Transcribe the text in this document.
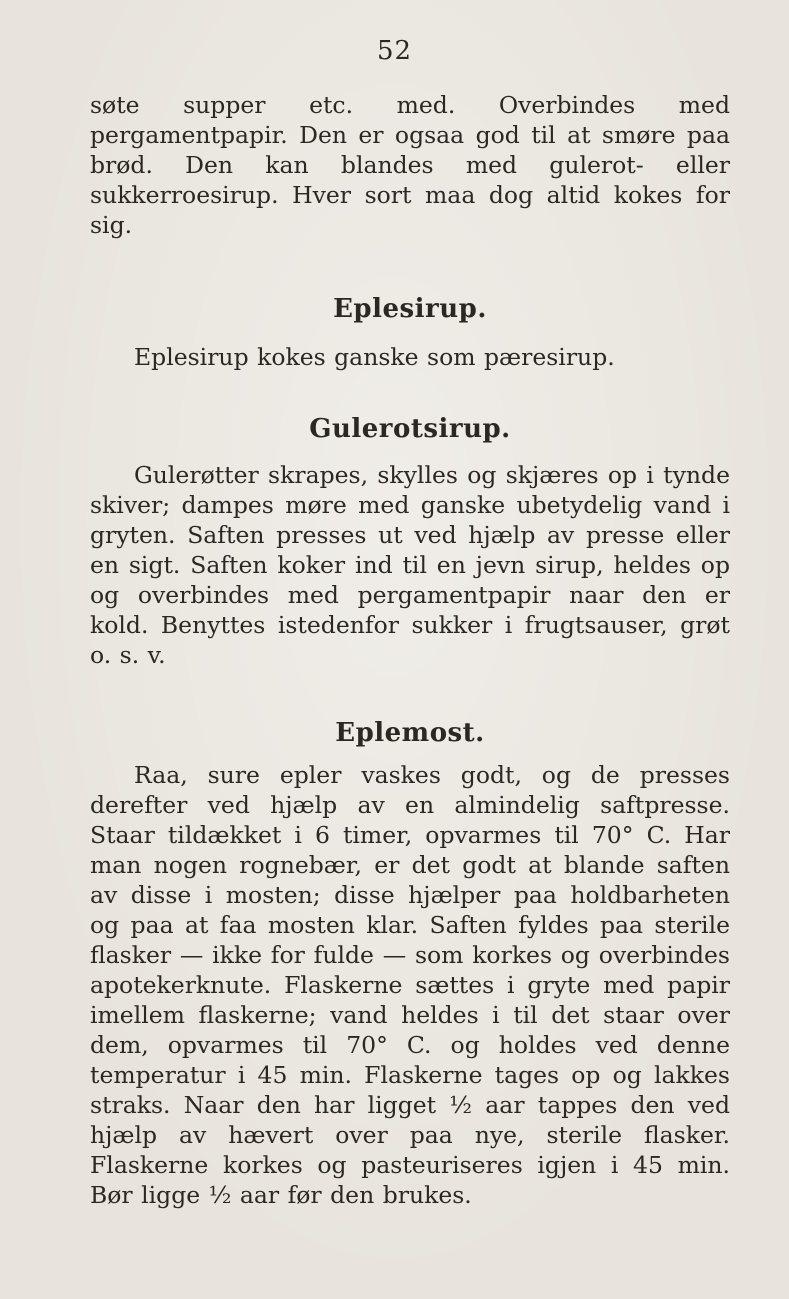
52

søte supper etc. med. Overbindes med pergamentpapir. Den er ogsaa god til at smøre paa brød. Den kan blandes med gulerot- eller sukkerroesirup. Hver sort maa dog altid kokes for sig.

Eplesirup.

Eplesirup kokes ganske som pæresirup.

Gulerotsirup.

Gulerøtter skrapes, skylles og skjæres op i tynde skiver; dampes møre med ganske ubetydelig vand i gryten. Saften presses ut ved hjælp av presse eller en sigt. Saften koker ind til en jevn sirup, heldes op og overbindes med pergamentpapir naar den er kold. Benyttes istedenfor sukker i frugtsauser, grøt o. s. v.

Eplemost.

Raa, sure epler vaskes godt, og de presses derefter ved hjælp av en almindelig saftpresse. Staar tildækket i 6 timer, opvarmes til 70° C. Har man nogen rognebær, er det godt at blande saften av disse i mosten; disse hjælper paa holdbarheten og paa at faa mosten klar. Saften fyldes paa sterile flasker — ikke for fulde — som korkes og overbindes apotekerknute. Flaskerne sættes i gryte med papir imellem flaskerne; vand heldes i til det staar over dem, opvarmes til 70° C. og holdes ved denne temperatur i 45 min. Flaskerne tages op og lakkes straks. Naar den har ligget ½ aar tappes den ved hjælp av hævert over paa nye, sterile flasker. Flaskerne korkes og pasteuriseres igjen i 45 min. Bør ligge ½ aar før den brukes.
